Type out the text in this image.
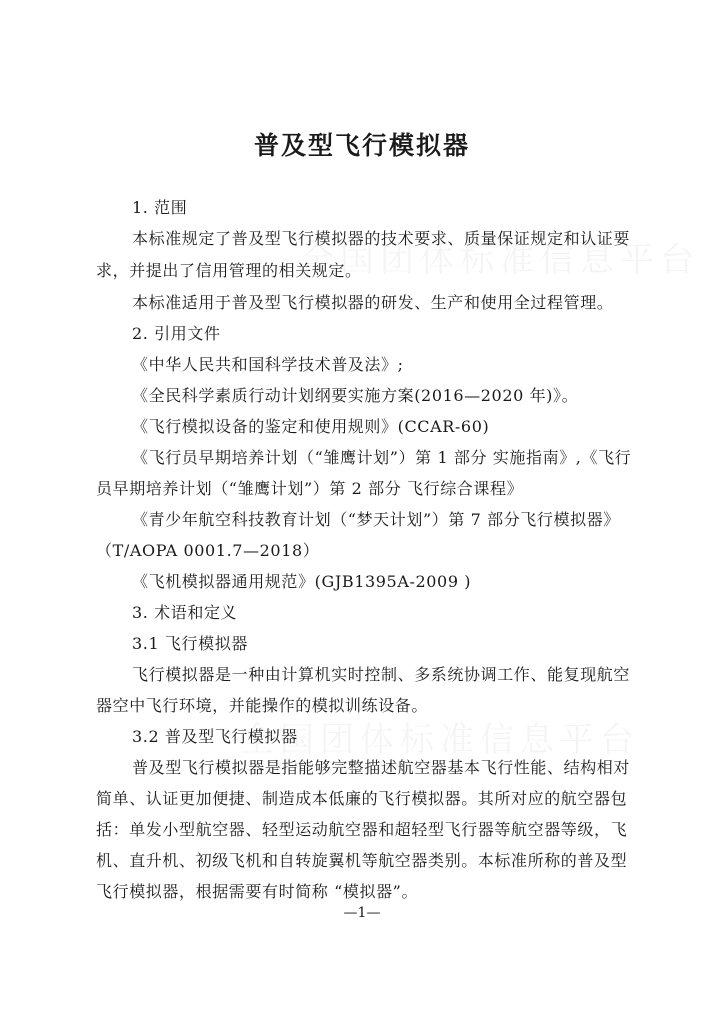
普及型飞行模拟器

1. 范围

本标准规定了普及型飞行模拟器的技术要求、质量保证规定和认证要

求，并提出了信用管理的相关规定。

本标准适用于普及型飞行模拟器的研发、生产和使用全过程管理。

2. 引用文件

《中华人民共和国科学技术普及法》;

《全民科学素质行动计划纲要实施方案(2016—2020 年)》。

《飞行模拟设备的鉴定和使用规则》(CCAR-60)

《飞行员早期培养计划（“雏鹰计划”）第 1 部分 实施指南》,《飞行

员早期培养计划（“雏鹰计划”）第 2 部分 飞行综合课程》

《青少年航空科技教育计划（“梦天计划”）第 7 部分飞行模拟器》

（T/AOPA 0001.7—2018）

《飞机模拟器通用规范》(GJB1395A-2009 )

3. 术语和定义

3.1 飞行模拟器

飞行模拟器是一种由计算机实时控制、多系统协调工作、能复现航空

器空中飞行环境，并能操作的模拟训练设备。

3.2 普及型飞行模拟器

普及型飞行模拟器是指能够完整描述航空器基本飞行性能、结构相对

简单、认证更加便捷、制造成本低廉的飞行模拟器。其所对应的航空器包

括：单发小型航空器、轻型运动航空器和超轻型飞行器等航空器等级，飞

机、直升机、初级飞机和自转旋翼机等航空器类别。本标准所称的普及型

飞行模拟器，根据需要有时简称 “模拟器”。

—1—
